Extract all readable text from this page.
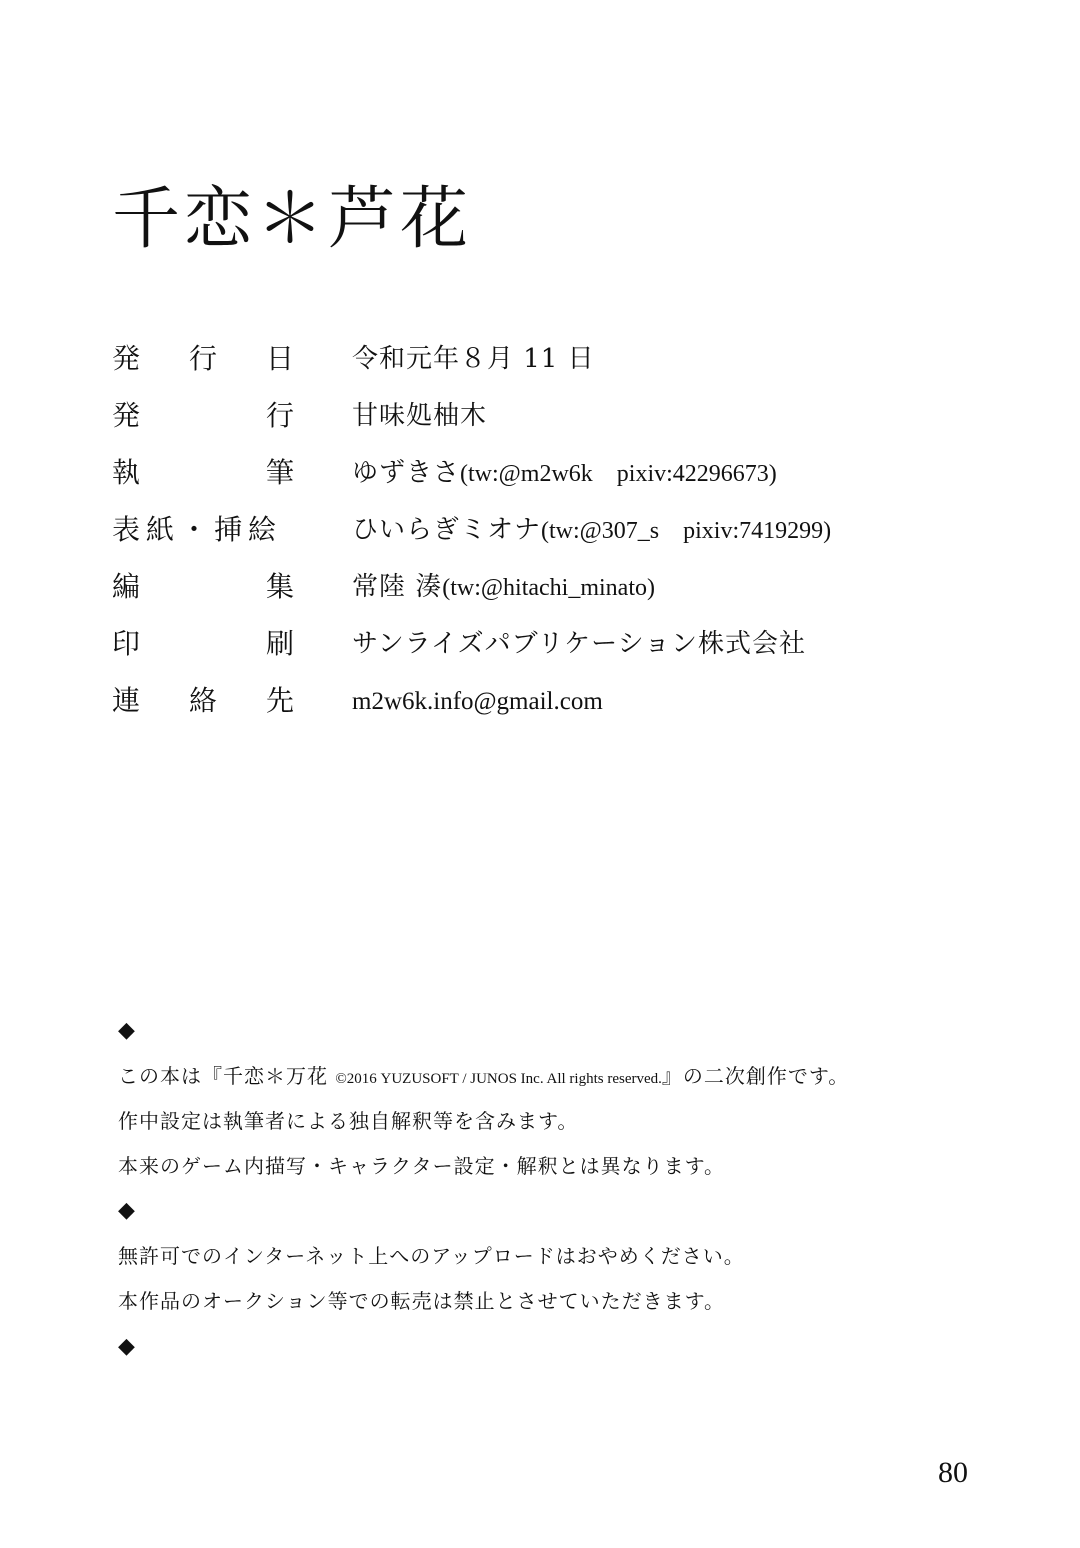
千恋＊芦花
発 行 日 令和元年８月 11 日
発	行 甘味処柚木
執	筆 ゆずきさ(tw:@m2w6k　pixiv:42296673)
表紙・挿絵	ひいらぎミオナ(tw:@307_s　pixiv:7419299)
編	集 常陸 湊(tw:@hitachi_minato)
印	刷 サンライズパブリケーション株式会社
連 絡 先 m2w6k.info@gmail.com
◆
この本は『千恋＊万花 ©2016 YUZUSOFT / JUNOS Inc. All rights reserved.』の二次創作です。
作中設定は執筆者による独自解釈等を含みます。
本来のゲーム内描写・キャラクター設定・解釈とは異なります。
◆
無許可でのインターネット上へのアップロードはおやめください。
本作品のオークション等での転売は禁止とさせていただきます。
◆
80
